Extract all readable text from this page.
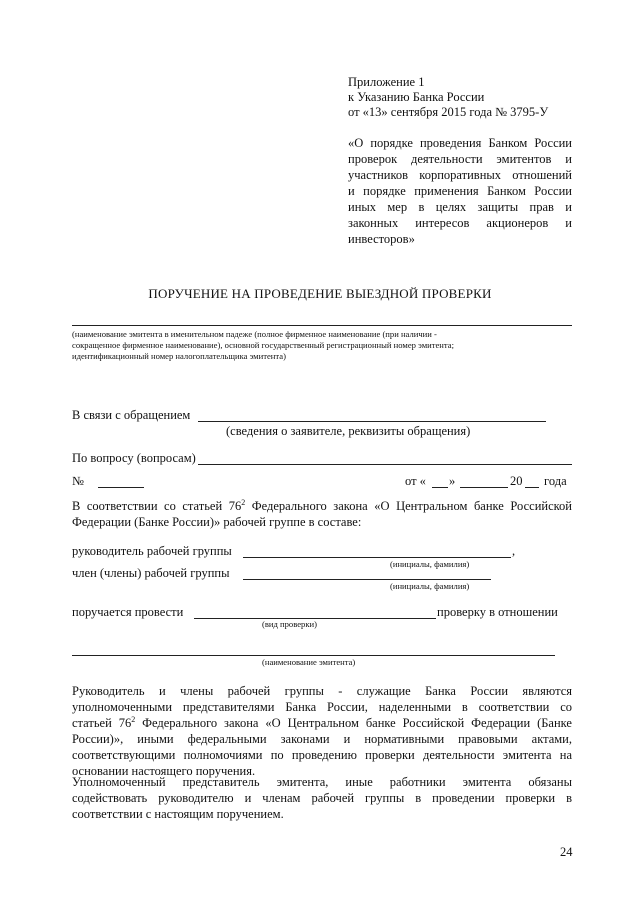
Приложение 1
к Указанию Банка России
от «13» сентября 2015 года № 3795-У
«О порядке проведения Банком России
проверок деятельности эмитентов и
участников корпоративных отношений
и порядке применения Банком России
иных мер в целях защиты прав и
законных интересов акционеров и
инвесторов»
ПОРУЧЕНИЕ НА ПРОВЕДЕНИЕ ВЫЕЗДНОЙ ПРОВЕРКИ
(наименование эмитента в именительном падеже (полное фирменное наименование (при наличии -
сокращенное фирменное наименование), основной государственный регистрационный номер эмитента;
идентификационный номер налогоплательщика эмитента)
В связи с обращением
(сведения о заявителе, реквизиты обращения)
По вопросу (вопросам)
№	от « »	20 года
В соответствии со статьей $76^2$ Федерального закона «О Центральном банке Российской
Федерации (Банке России)» рабочей группе в составе:
руководитель рабочей группы	,
(инициалы, фамилия)
член (члены) рабочей группы
(инициалы, фамилия)
поручается провести	проверку в отношении
(вид проверки)
(наименование эмитента)
Руководитель и члены рабочей группы - служащие Банка России являются
уполномоченными представителями Банка России, наделенными в соответствии со
статьей $76^2$ Федерального закона «О Центральном банке Российской Федерации (Банке
России)», иными федеральными законами и нормативными правовыми актами,
соответствующими полномочиями по проведению проверки деятельности эмитента на
основании настоящего поручения.
Уполномоченный представитель эмитента, иные работники эмитента обязаны
содействовать руководителю и членам рабочей группы в проведении проверки в
соответствии с настоящим поручением.
24
